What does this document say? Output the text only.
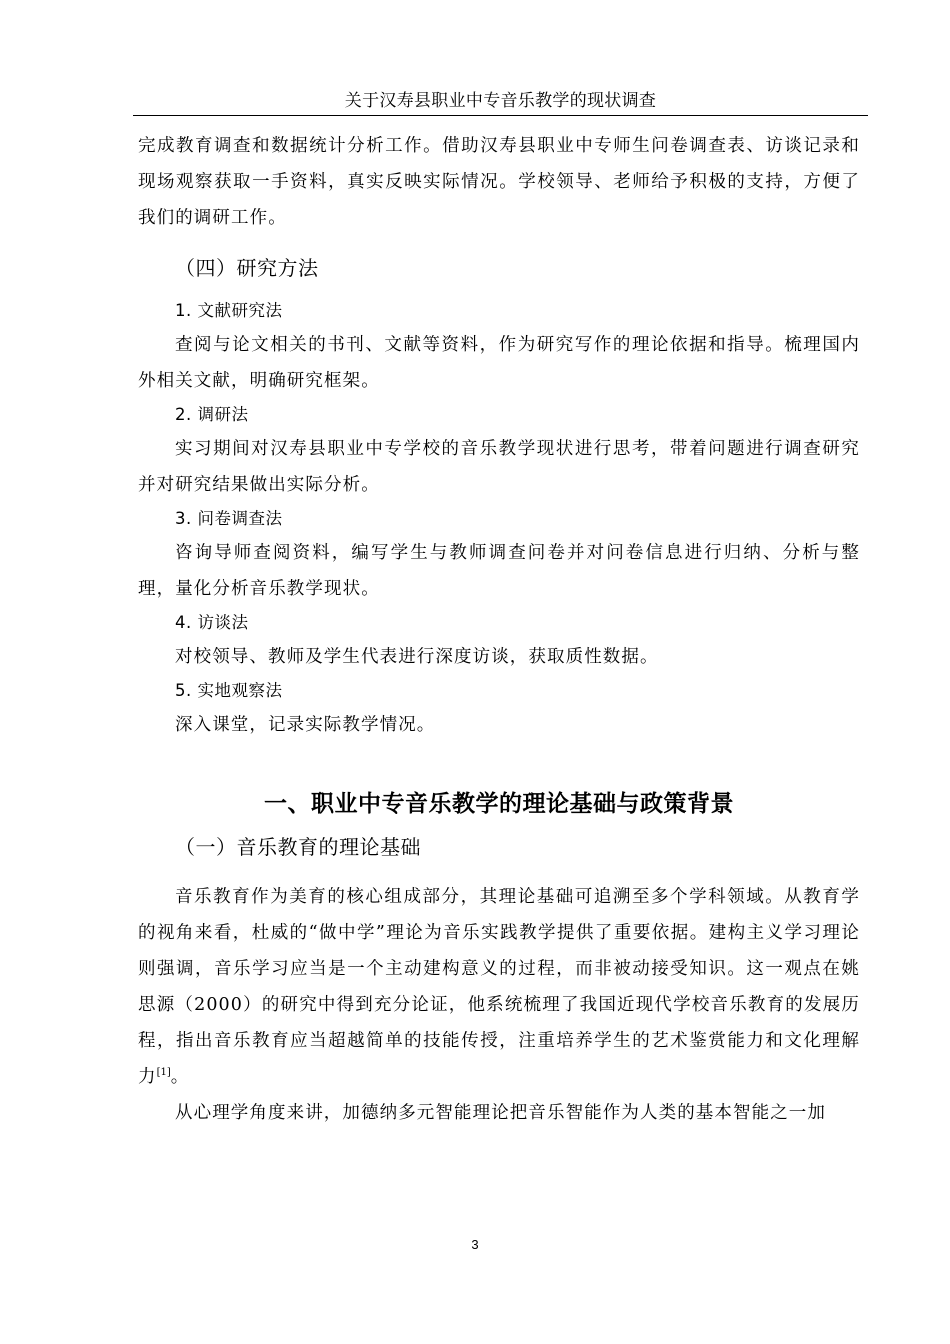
关于汉寿县职业中专音乐教学的现状调查

完成教育调查和数据统计分析工作。借助汉寿县职业中专师生问卷调查表、访谈记录和现场观察获取一手资料，真实反映实际情况。学校领导、老师给予积极的支持，方便了我们的调研工作。

（四）研究方法

1. 文献研究法

查阅与论文相关的书刊、文献等资料，作为研究写作的理论依据和指导。梳理国内外相关文献，明确研究框架。

2. 调研法

实习期间对汉寿县职业中专学校的音乐教学现状进行思考，带着问题进行调查研究并对研究结果做出实际分析。

3. 问卷调查法

咨询导师查阅资料，编写学生与教师调查问卷并对问卷信息进行归纳、分析与整理，量化分析音乐教学现状。

4. 访谈法

对校领导、教师及学生代表进行深度访谈，获取质性数据。

5. 实地观察法

深入课堂，记录实际教学情况。

一、职业中专音乐教学的理论基础与政策背景

（一）音乐教育的理论基础

音乐教育作为美育的核心组成部分，其理论基础可追溯至多个学科领域。从教育学的视角来看，杜威的“做中学”理论为音乐实践教学提供了重要依据。建构主义学习理论则强调，音乐学习应当是一个主动建构意义的过程，而非被动接受知识。这一观点在姚思源（2000）的研究中得到充分论证，他系统梳理了我国近现代学校音乐教育的发展历程，指出音乐教育应当超越简单的技能传授，注重培养学生的艺术鉴赏能力和文化理解力[1]。

从心理学角度来讲，加德纳多元智能理论把音乐智能作为人类的基本智能之一加

3
